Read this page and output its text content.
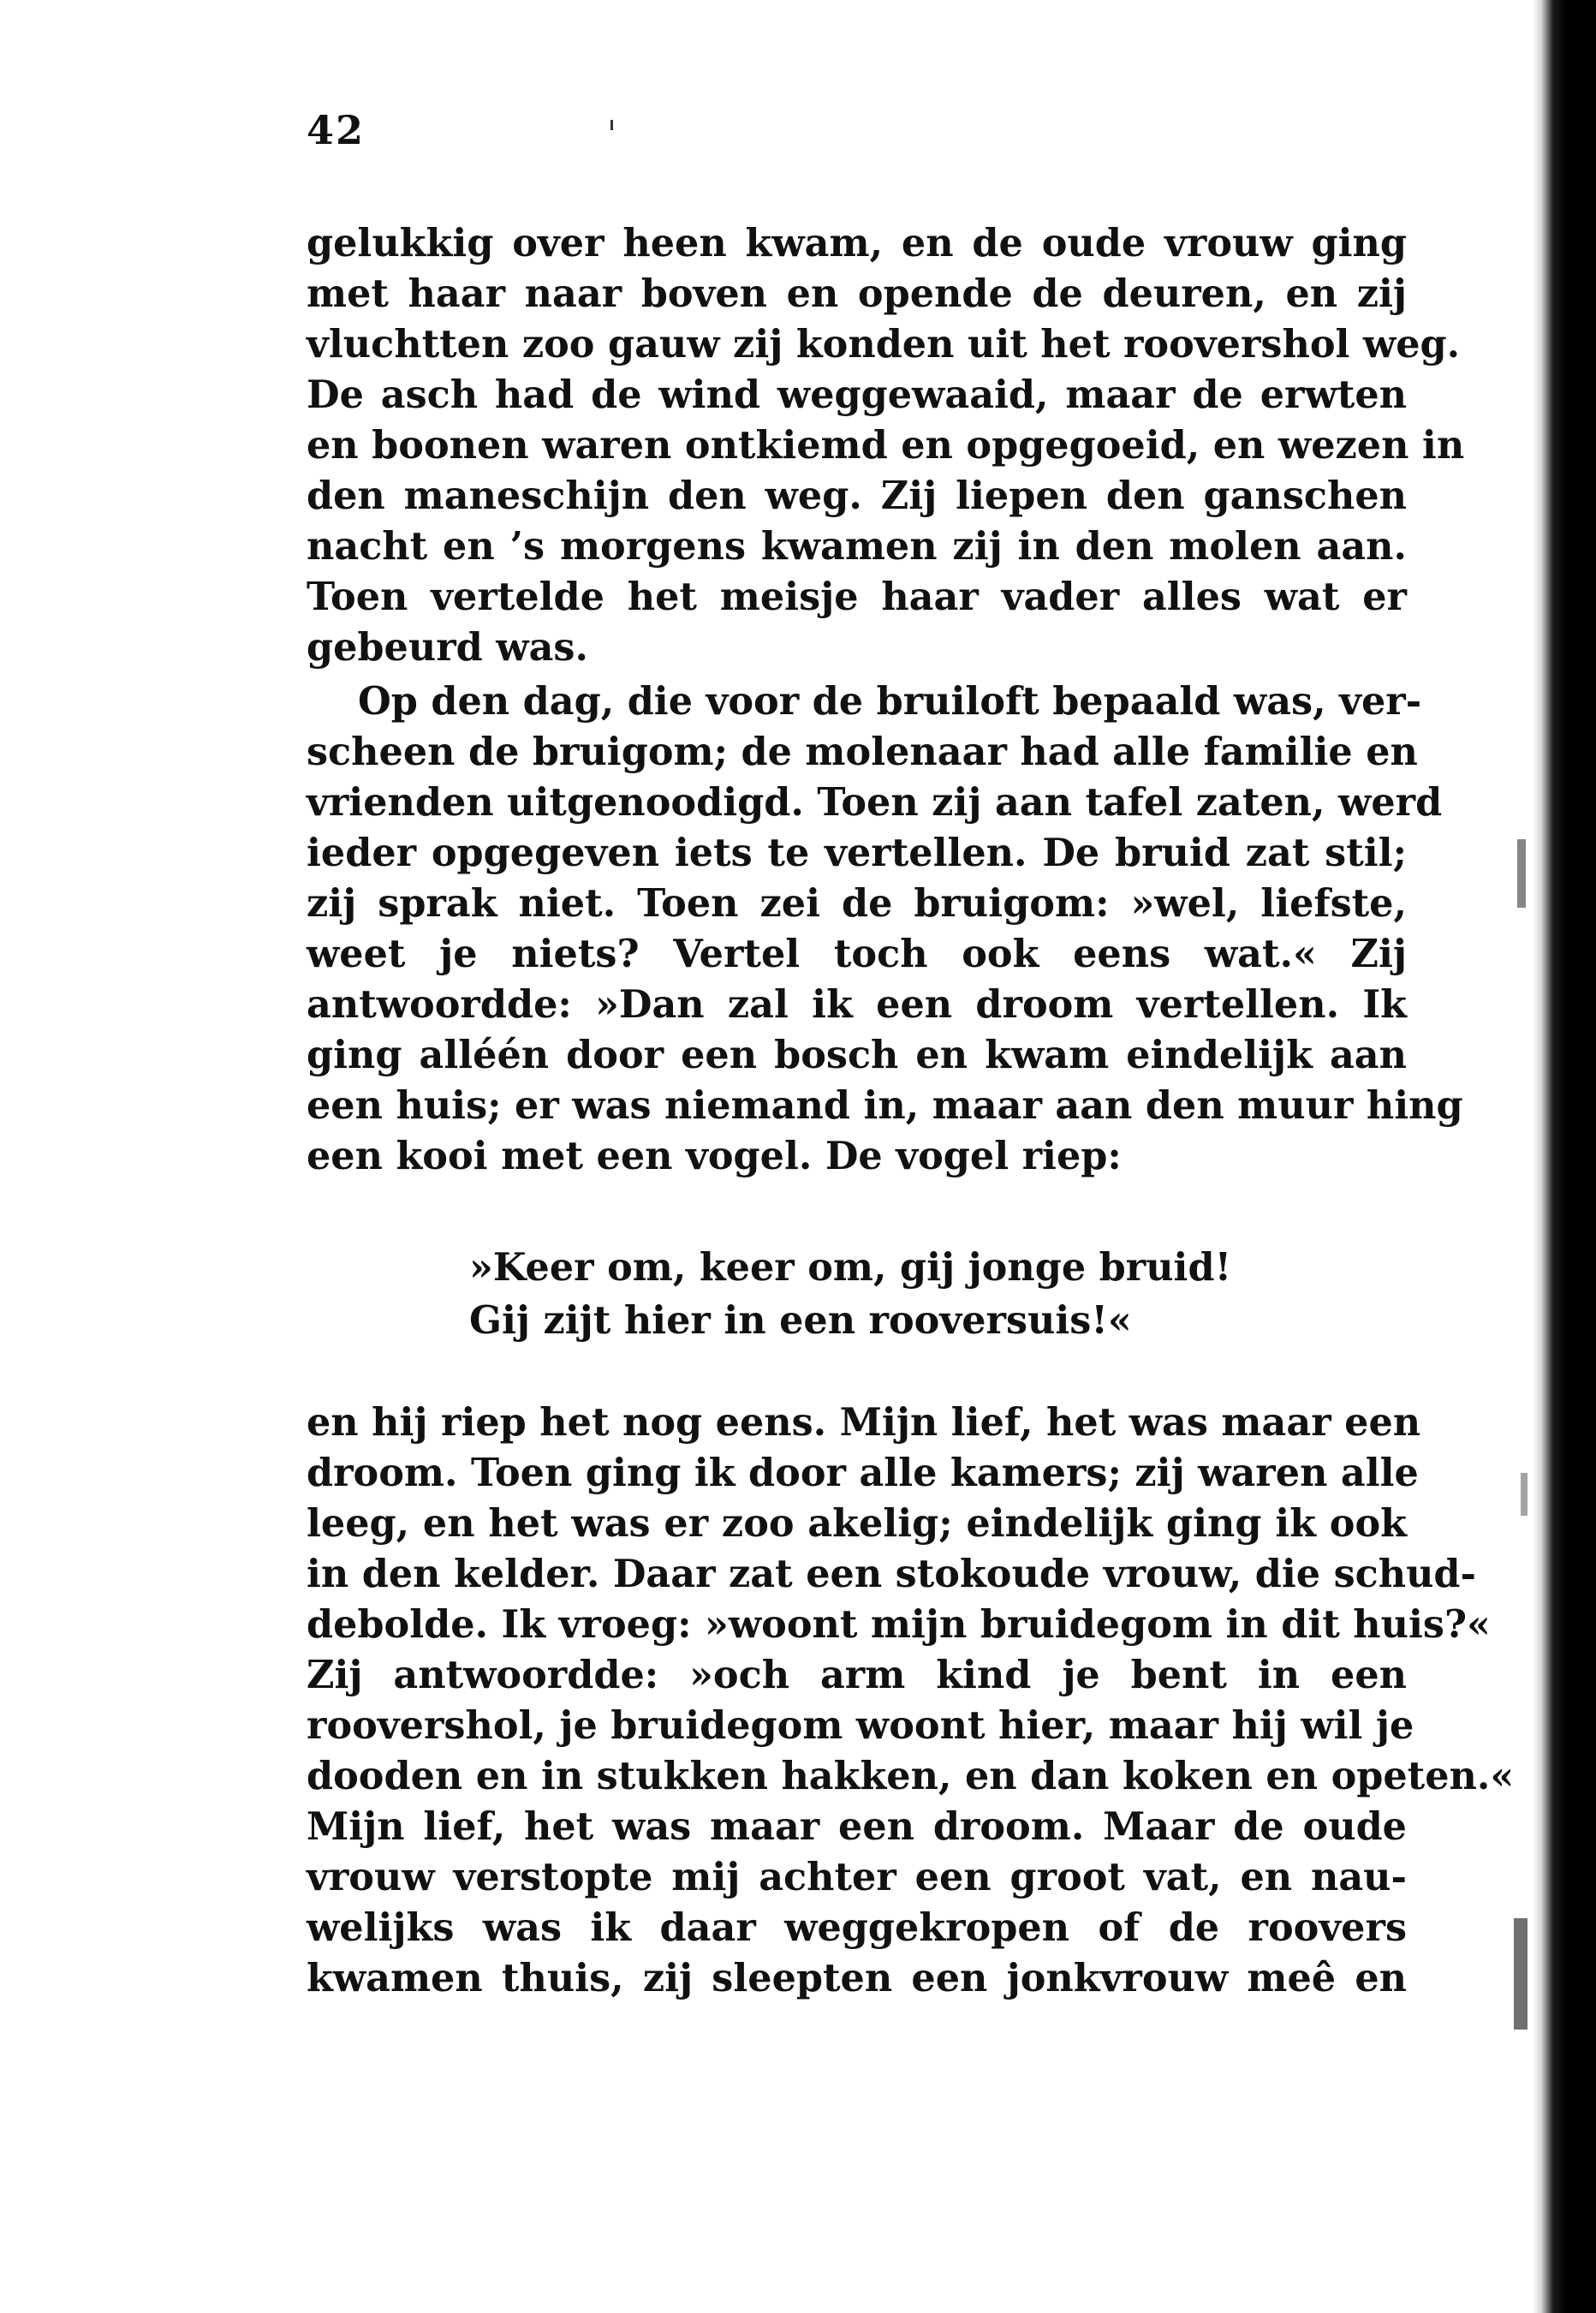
42
gelukkig over heen kwam, en de oude vrouw ging
met haar naar boven en opende de deuren, en zij
vluchtten zoo gauw zij konden uit het roovershol weg.
De asch had de wind weggewaaid, maar de erwten
en boonen waren ontkiemd en opgegoeid, en wezen in
den maneschijn den weg. Zij liepen den ganschen
nacht en ’s morgens kwamen zij in den molen aan.
Toen vertelde het meisje haar vader alles wat er
gebeurd was.
Op den dag, die voor de bruiloft bepaald was, ver-
scheen de bruigom; de molenaar had alle familie en
vrienden uitgenoodigd. Toen zij aan tafel zaten, werd
ieder opgegeven iets te vertellen. De bruid zat stil;
zij sprak niet. Toen zei de bruigom: »wel, liefste,
weet je niets? Vertel toch ook eens wat.« Zij
antwoordde: »Dan zal ik een droom vertellen. Ik
ging alléén door een bosch en kwam eindelijk aan
een huis; er was niemand in, maar aan den muur hing
een kooi met een vogel. De vogel riep:
»Keer om, keer om, gij jonge bruid!
Gij zijt hier in een rooversuis!«
en hij riep het nog eens. Mijn lief, het was maar een
droom. Toen ging ik door alle kamers; zij waren alle
leeg, en het was er zoo akelig; eindelijk ging ik ook
in den kelder. Daar zat een stokoude vrouw, die schud-
debolde. Ik vroeg: »woont mijn bruidegom in dit huis?«
Zij antwoordde: »och arm kind je bent in een
roovershol, je bruidegom woont hier, maar hij wil je
dooden en in stukken hakken, en dan koken en opeten.«
Mijn lief, het was maar een droom. Maar de oude
vrouw verstopte mij achter een groot vat, en nau-
welijks was ik daar weggekropen of de roovers
kwamen thuis, zij sleepten een jonkvrouw meê en
